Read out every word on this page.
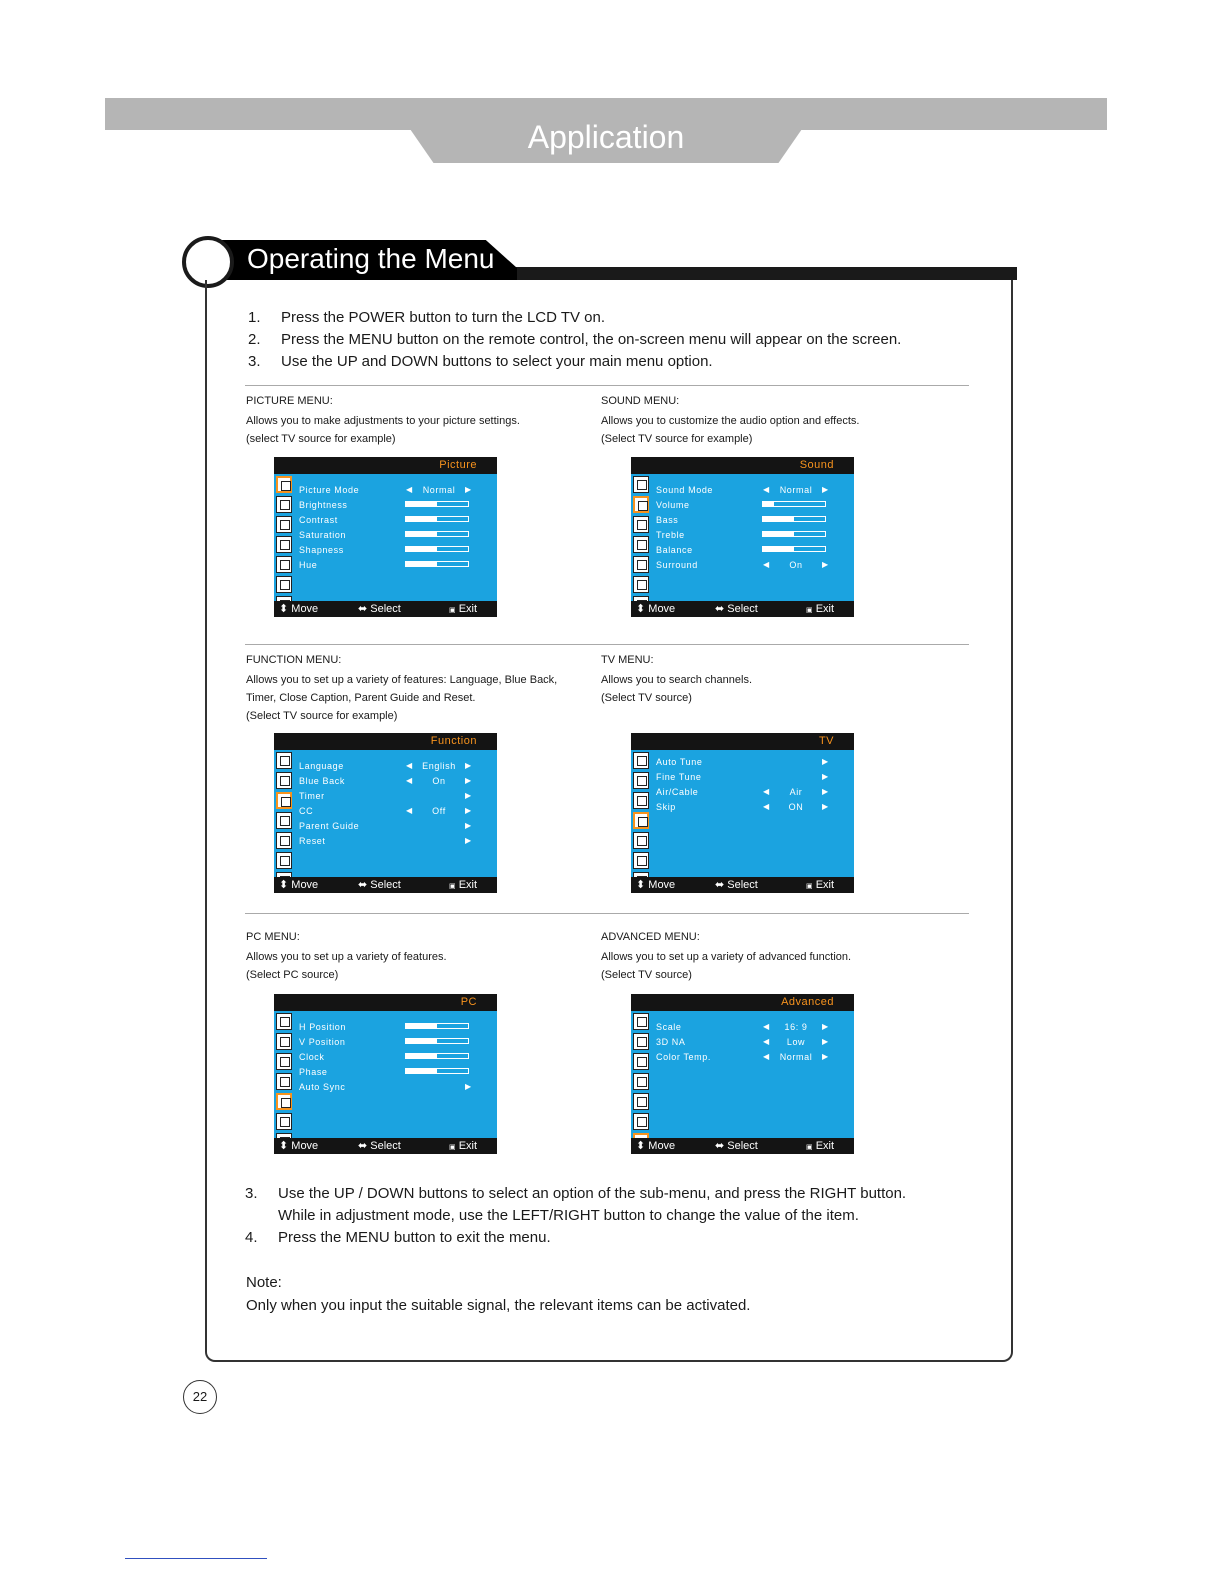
Application
Operating the Menu
1. Press the POWER button to turn the LCD TV on.
2. Press the MENU button on the remote control, the on-screen menu will appear on the screen.
3. Use the UP and DOWN buttons to select your main menu option.
PICTURE MENU:
Allows you to make adjustments to your picture settings.
(select TV source for example)
SOUND MENU:
Allows you to customize the audio option and effects.
(Select TV source for example)
FUNCTION MENU:
Allows you to set up a variety of features: Language, Blue Back,
Timer, Close Caption, Parent Guide and Reset.
(Select TV source for example)
TV MENU:
Allows you to search channels.
(Select TV source)
PC MENU:
Allows you to set up a variety of features.
(Select PC source)
ADVANCED MENU:
Allows you to set up a variety of advanced function.
(Select TV source)
Picture
Picture Mode	◀	Normal	▶
Brightness
Contrast
Saturation
Shapness
Hue
⬍ Move	⬌ Select	▣ Exit
Sound
Sound Mode	◀	Normal	▶
Volume
Bass
Treble
Balance
Surround	◀	On	▶
⬍ Move	⬌ Select	▣ Exit
Function
Language	◀	English	▶
Blue Back	◀	On	▶
Timer	▶
CC	◀	Off	▶
Parent Guide	▶
Reset	▶
⬍ Move	⬌ Select	▣ Exit
TV
Auto Tune	▶
Fine Tune	▶
Air/Cable	◀	Air	▶
Skip	◀	ON	▶
⬍ Move	⬌ Select	▣ Exit
PC
H Position
V Position
Clock
Phase
Auto Sync	▶
⬍ Move	⬌ Select	▣ Exit
Advanced
Scale	◀	16: 9	▶
3D NA	◀	Low	▶
Color Temp.	◀	Normal	▶
⬍ Move	⬌ Select	▣ Exit
3. Use the UP / DOWN buttons to select an option of the sub-menu, and press the RIGHT button.
While in adjustment mode, use the LEFT/RIGHT button to change the value of the item.
4. Press the MENU button to exit the menu.
Note:
Only when you input the suitable signal, the relevant items can be activated.
22
